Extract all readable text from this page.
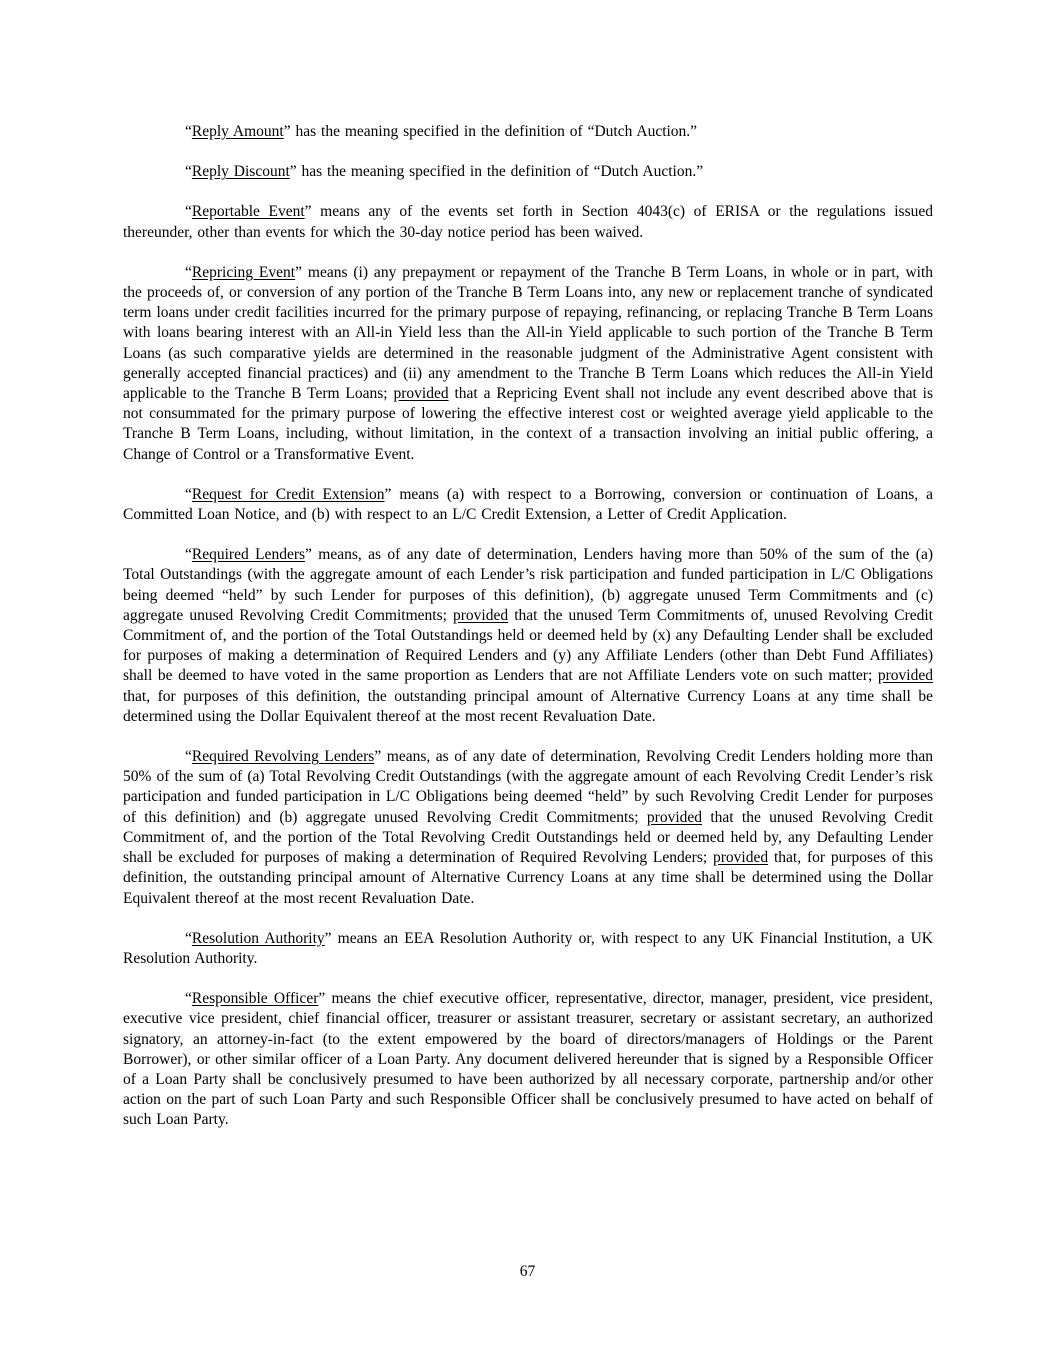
“Reply Amount” has the meaning specified in the definition of “Dutch Auction.”

“Reply Discount” has the meaning specified in the definition of “Dutch Auction.”

“Reportable Event” means any of the events set forth in Section 4043(c) of ERISA or the regulations issued thereunder, other than events for which the 30-day notice period has been waived.

“Repricing Event” means (i) any prepayment or repayment of the Tranche B Term Loans, in whole or in part, with the proceeds of, or conversion of any portion of the Tranche B Term Loans into, any new or replacement tranche of syndicated term loans under credit facilities incurred for the primary purpose of repaying, refinancing, or replacing Tranche B Term Loans with loans bearing interest with an All-in Yield less than the All-in Yield applicable to such portion of the Tranche B Term Loans (as such comparative yields are determined in the reasonable judgment of the Administrative Agent consistent with generally accepted financial practices) and (ii) any amendment to the Tranche B Term Loans which reduces the All-in Yield applicable to the Tranche B Term Loans; provided that a Repricing Event shall not include any event described above that is not consummated for the primary purpose of lowering the effective interest cost or weighted average yield applicable to the Tranche B Term Loans, including, without limitation, in the context of a transaction involving an initial public offering, a Change of Control or a Transformative Event.

“Request for Credit Extension” means (a) with respect to a Borrowing, conversion or continuation of Loans, a Committed Loan Notice, and (b) with respect to an L/C Credit Extension, a Letter of Credit Application.

“Required Lenders” means, as of any date of determination, Lenders having more than 50% of the sum of the (a) Total Outstandings (with the aggregate amount of each Lender’s risk participation and funded participation in L/C Obligations being deemed “held” by such Lender for purposes of this definition), (b) aggregate unused Term Commitments and (c) aggregate unused Revolving Credit Commitments; provided that the unused Term Commitments of, unused Revolving Credit Commitment of, and the portion of the Total Outstandings held or deemed held by (x) any Defaulting Lender shall be excluded for purposes of making a determination of Required Lenders and (y) any Affiliate Lenders (other than Debt Fund Affiliates) shall be deemed to have voted in the same proportion as Lenders that are not Affiliate Lenders vote on such matter; provided that, for purposes of this definition, the outstanding principal amount of Alternative Currency Loans at any time shall be determined using the Dollar Equivalent thereof at the most recent Revaluation Date.

“Required Revolving Lenders” means, as of any date of determination, Revolving Credit Lenders holding more than 50% of the sum of (a) Total Revolving Credit Outstandings (with the aggregate amount of each Revolving Credit Lender’s risk participation and funded participation in L/C Obligations being deemed “held” by such Revolving Credit Lender for purposes of this definition) and (b) aggregate unused Revolving Credit Commitments; provided that the unused Revolving Credit Commitment of, and the portion of the Total Revolving Credit Outstandings held or deemed held by, any Defaulting Lender shall be excluded for purposes of making a determination of Required Revolving Lenders; provided that, for purposes of this definition, the outstanding principal amount of Alternative Currency Loans at any time shall be determined using the Dollar Equivalent thereof at the most recent Revaluation Date.

“Resolution Authority” means an EEA Resolution Authority or, with respect to any UK Financial Institution, a UK Resolution Authority.

“Responsible Officer” means the chief executive officer, representative, director, manager, president, vice president, executive vice president, chief financial officer, treasurer or assistant treasurer, secretary or assistant secretary, an authorized signatory, an attorney-in-fact (to the extent empowered by the board of directors/managers of Holdings or the Parent Borrower), or other similar officer of a Loan Party. Any document delivered hereunder that is signed by a Responsible Officer of a Loan Party shall be conclusively presumed to have been authorized by all necessary corporate, partnership and/or other action on the part of such Loan Party and such Responsible Officer shall be conclusively presumed to have acted on behalf of such Loan Party.

67
